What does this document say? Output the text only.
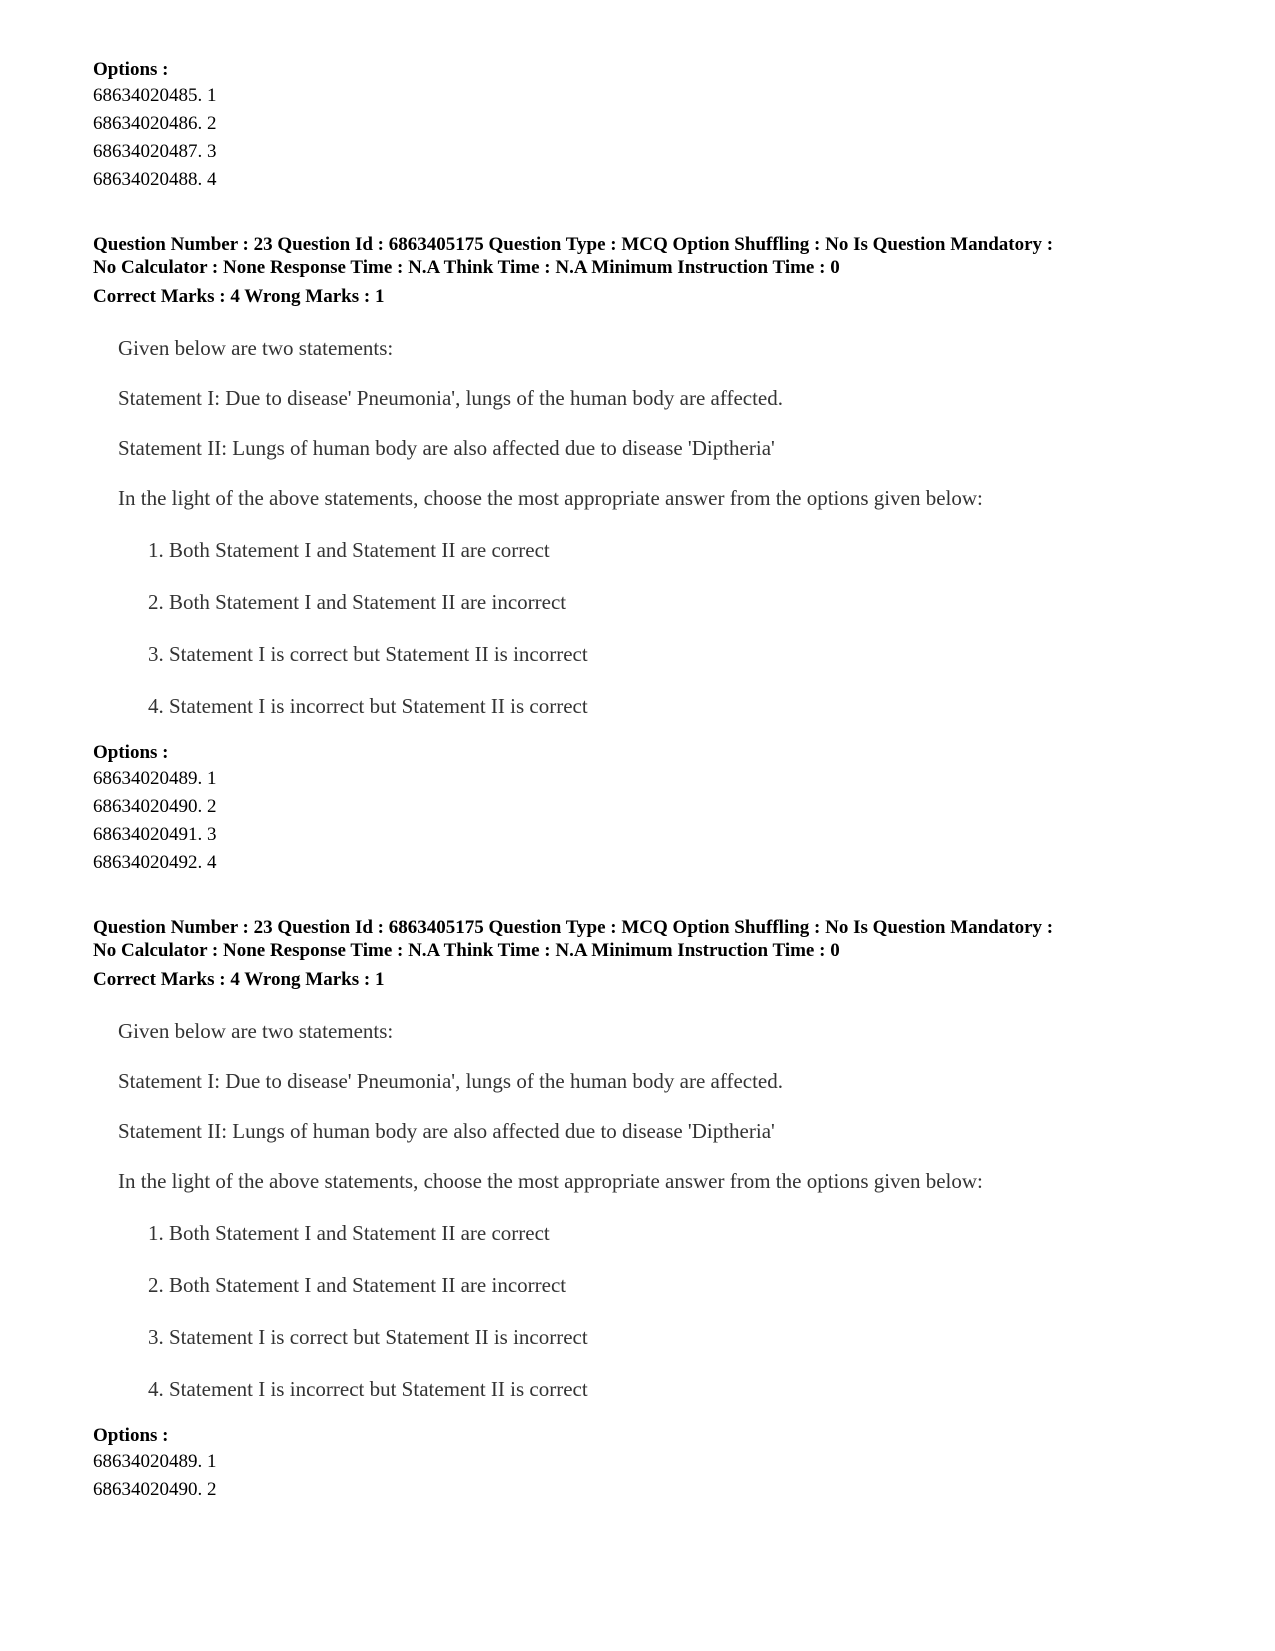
Options :

68634020485. 1
68634020486. 2
68634020487. 3
68634020488. 4

Question Number : 23 Question Id : 6863405175 Question Type : MCQ Option Shuffling : No Is Question Mandatory :

No Calculator : None Response Time : N.A Think Time : N.A Minimum Instruction Time : 0

Correct Marks : 4 Wrong Marks : 1

Given below are two statements:

Statement I: Due to disease' Pneumonia', lungs of the human body are affected.

Statement II: Lungs of human body are also affected due to disease 'Diptheria'

In the light of the above statements, choose the most appropriate answer from the options given below:

1. Both Statement I and Statement II are correct

2. Both Statement I and Statement II are incorrect

3. Statement I is correct but Statement II is incorrect

4. Statement I is incorrect but Statement II is correct

Options :

68634020489. 1
68634020490. 2
68634020491. 3
68634020492. 4

Question Number : 23 Question Id : 6863405175 Question Type : MCQ Option Shuffling : No Is Question Mandatory :

No Calculator : None Response Time : N.A Think Time : N.A Minimum Instruction Time : 0

Correct Marks : 4 Wrong Marks : 1

Given below are two statements:

Statement I: Due to disease' Pneumonia', lungs of the human body are affected.

Statement II: Lungs of human body are also affected due to disease 'Diptheria'

In the light of the above statements, choose the most appropriate answer from the options given below:

1. Both Statement I and Statement II are correct

2. Both Statement I and Statement II are incorrect

3. Statement I is correct but Statement II is incorrect

4. Statement I is incorrect but Statement II is correct

Options :

68634020489. 1
68634020490. 2
